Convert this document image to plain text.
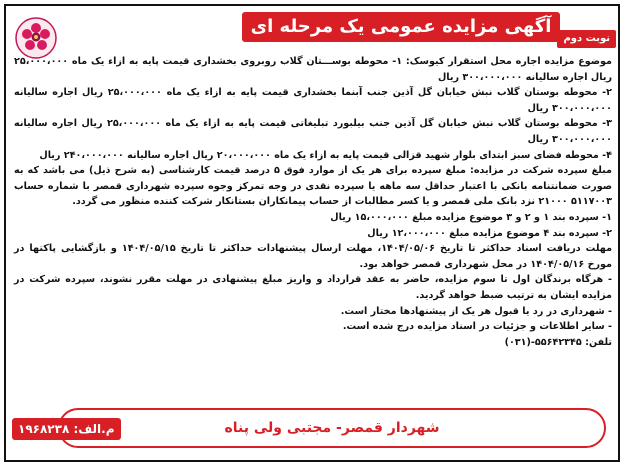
آگهی مزایده عمومی یک مرحله ای
نوبت دوم

موضوع مزایده اجاره محل استقرار کیوسک: ۱- محوطه بوســـتان گلاب روبروی بخشداری قیمت پایه به ازاء یک ماه ۲۵،۰۰۰،۰۰۰ ریال اجاره سالیانه ۳۰۰،۰۰۰،۰۰۰ ریال

۲- محوطه بوستان گلاب نبش خیابان گل آذین جنب آبنما بخشداری قیمت پایه به ازاء یک ماه ۲۵،۰۰۰،۰۰۰ ریال اجاره سالیانه ۳۰۰،۰۰۰،۰۰۰ ریال

۳- محوطه بوستان گلاب نبش خیابان گل آذین جنب بیلبورد تبلیغاتی قیمت پایه به ازاء یک ماه ۲۵،۰۰۰،۰۰۰ ریال اجاره سالیانه ۳۰۰،۰۰۰،۰۰۰ ریال

۴- محوطه فضای سبز ابتدای بلوار شهید قزالی قیمت پایه به ازاء یک ماه ۲۰،۰۰۰،۰۰۰ ریال اجاره سالیانه ۲۴۰،۰۰۰،۰۰۰ ریال

مبلغ سپرده شرکت در مزایده: مبلغ سپرده برای هر یک از موارد فوق ۵ درصد قیمت کارشناسی (به شرح ذیل) می باشد که به صورت ضمانتنامه بانکی با اعتبار حداقل سه ماهه یا سپرده نقدی در وجه تمرکز وجوه سپرده شهرداری قمصر با شماره حساب ۵۱۱۷۰۰۳ ۲۱۰۰۰ نزد بانک ملی قمصر و یا کسر مطالبات از حساب پیمانکاران بستانکار شرکت کننده منظور می گردد.

۱- سپرده بند ۱ و ۲ و ۳ موضوع مزایده مبلغ ۱۵،۰۰۰،۰۰۰ ریال

۲- سپرده بند ۴ موضوع مزایده مبلغ ۱۲،۰۰۰،۰۰۰ ریال

مهلت دریافت اسناد حداکثر تا تاریخ ۱۴۰۴/۰۵/۰۶، مهلت ارسال پیشنهادات حداکثر تا تاریخ ۱۴۰۴/۰۵/۱۵ و بازگشایی پاکتها در مورخ ۱۴۰۴/۰۵/۱۶ در محل شهرداری قمصر خواهد بود.

- هرگاه برندگان اول تا سوم مزایده، حاضر به عقد قرارداد و واریز مبلغ پیشنهادی در مهلت مقرر نشوند، سپرده شرکت در مزایده ایشان به ترتیب ضبط خواهد گردید.

- شهرداری در رد یا قبول هر یک از پیشنهادها مختار است.

- سایر اطلاعات و جزئیات در اسناد مزایده درج شده است.

تلفن: ۵۵۶۴۲۳۴۵-(۰۳۱)

شهردار قمصر- مجتبی ولی پناه
م.الف: ۱۹۶۸۲۳۸
